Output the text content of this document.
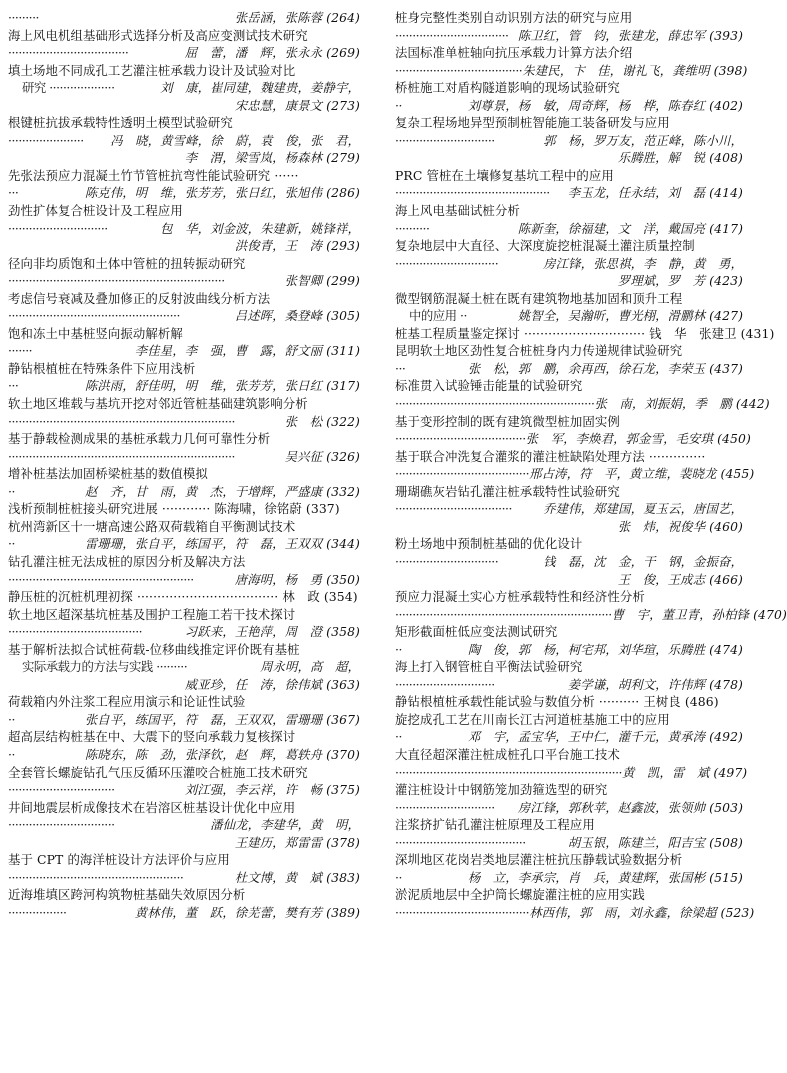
·········	张岳涵，张陈蓉 (264)
海上风电机组基础形式选择分析及高应变测试技术研究
···································	屈　蕾，潘　辉，张永永 (269)
填土场地不同成孔工艺灌注桩承载力设计及试验对比
研究 ···················	刘　康，崔同建，魏建贵，姜静宇，
宋忠慧，康景文 (273)
根键桩抗拔承载特性透明土模型试验研究
······················	冯　晓，黄雪峰，徐　蔚，袁　俊，张　君，
李　渭，梁雪岚，杨森林 (279)
先张法预应力混凝土竹节管桩抗弯性能试验研究 ······
···	陈克伟，明　维，张芳芳，张日红，张旭伟 (286)
劲性扩体复合桩设计及工程应用
·····························	包　华，刘金波，朱建新，姚锋祥，
洪俊青，王　涛 (293)
径向非均质饱和土体中管桩的扭转振动研究
·······························································	张智卿 (299)
考虑信号衰减及叠加修正的反射波曲线分析方法
··················································	吕述晖，桑登峰 (305)
饱和冻土中基桩竖向振动解析解
·······	李佳星，李　强，曹　露，舒文丽 (311)
静钻根植桩在特殊条件下应用浅析
···	陈洪雨，舒佳明，明　维，张芳芳，张日红 (317)
软土地区堆载与基坑开挖对邻近管桩基础建筑影响分析
··································································	张　松 (322)
基于静载检测成果的基桩承载力几何可靠性分析
··································································	吴兴征 (326)
增补桩基法加固桥梁桩基的数值模拟
··	赵　齐，甘　雨，黄　杰，于增辉，严盛康 (332)
浅析预制桩桩接头研究进展 ············ 陈海啸，徐铭蔚 (337)
杭州湾新区十一塘高速公路双荷载箱自平衡测试技术
··	雷珊珊，张自平，练国平，符　磊，王双双 (344)
钻孔灌注桩无法成桩的原因分析及解决方法
······················································	唐海明，杨　勇 (350)
静压桩的沉桩机理初探 ··································· 林　政 (354)
软土地区超深基坑桩基及围护工程施工若干技术探讨
·······································	习跃来，王艳萍，周　澄 (358)
基于解析法拟合试桩荷载-位移曲线推定评价既有基桩
实际承载力的方法与实践 ·········	周永明，高　超，
威亚珍，任　涛，徐伟斌 (363)
荷载箱内外注浆工程应用演示和论证性试验
··	张自平，练国平，符　磊，王双双，雷珊珊 (367)
超高层结构桩基在中、大震下的竖向承载力复核探讨
··	陈晓东，陈　劲，张泽钦，赵　辉，葛轶舟 (370)
全套管长螺旋钻孔气压反循环压灌咬合桩施工技术研究
·······························	刘江强，李云祥，许　畅 (375)
井间地震层析成像技术在岩溶区桩基设计优化中应用
·······························	潘仙龙，李建华，黄　明，
王建历，郑雷雷 (378)
基于 CPT 的海洋桩设计方法评价与应用
···················································	杜文博，黄　斌 (383)
近海堆填区跨河构筑物桩基础失效原因分析
·················	黄林伟，董　跃，徐芜蕾，樊有芳 (389)
桩身完整性类别自动识别方法的研究与应用
································· 陈卫红，管　钧，张建龙，薛忠军 (393)
法国标准单桩轴向抗压承载力计算方法介绍
····································· 朱建民，卞　佳，谢礼飞，龚维明 (398)
桥桩施工对盾构隧道影响的现场试验研究
··	刘尊景，杨　敏，周奇辉，杨　桦，陈春红 (402)
复杂工程场地异型预制桩智能施工装备研发与应用
·····························	郭　杨，罗万友，范正峰，陈小川，
乐腾胜，解　锐 (408)
PRC 管桩在土壤修复基坑工程中的应用
·············································	李玉龙，任永结，刘　磊 (414)
海上风电基础试桩分析
··········	陈新奎，徐福建，文　洋，戴国亮 (417)
复杂地层中大直径、大深度旋挖桩混凝土灌注质量控制
······························	房江锋，张思祺，李　静，黄　勇，
罗理斌，罗　芳 (423)
微型钢筋混凝土桩在既有建筑物地基加固和顶升工程
中的应用 ··	姚智全，吴瀚昕，曹光栩，滑鹏林 (427)
桩基工程质量鉴定探讨 ······························ 钱　华　张建卫 (431)
昆明软土地区劲性复合桩桩身内力传递规律试验研究
···	张　松，郭　鹏，余再西，徐石龙，李荣玉 (437)
标准贯入试验锤击能量的试验研究
·························································· 张　南，刘振娟，季　鹏 (442)
基于变形控制的既有建筑微型桩加固实例
······································ 张　军，李焕君，郭金雪，毛安琪 (450)
基于联合冲洗复合灌浆的灌注桩缺陷处理方法 ··············
······································· 邢占涛，符　平，黄立维，裴晓龙 (455)
珊瑚礁灰岩钻孔灌注桩承载特性试验研究
··································	乔建伟，郑建国，夏玉云，唐国艺，
张　炜，祝俊华 (460)
粉土场地中预制桩基础的优化设计
······························	钱　磊，沈　金，干　钢，金振奋，
王　俊，王成志 (466)
预应力混凝土实心方桩承载特性和经济性分析
······························································· 曹　宇，董卫青，孙柏锋 (470)
矩形截面桩低应变法测试研究
··	陶　俊，郭　杨，柯宅邦，刘华瑄，乐腾胜 (474)
海上打入钢管桩自平衡法试验研究
·····························	姜学谦，胡利文，许伟辉 (478)
静钻根植桩承载性能试验与数值分析 ·········· 王树良 (486)
旋挖成孔工艺在川南长江古河道桩基施工中的应用
··	邓　宇，孟宝华，王中仁，灌千元，黄承涛 (492)
大直径超深灌注桩成桩孔口平台施工技术
·································································· 黄　凯，雷　斌 (497)
灌注桩设计中钢筋笼加劲箍选型的研究
·····························	房江锋，郭秋苹，赵鑫波，张领帅 (503)
注浆挤扩钻孔灌注桩原理及工程应用
······································	胡玉银，陈建兰，阳吉宝 (508)
深圳地区花岗岩类地层灌注桩抗压静载试验数据分析
··	杨　立，李承宗，肖　兵，黄建辉，张国彬 (515)
淤泥质地层中全护筒长螺旋灌注桩的应用实践
······································· 林西伟，郭　雨，刘永鑫，徐梁超 (523)
